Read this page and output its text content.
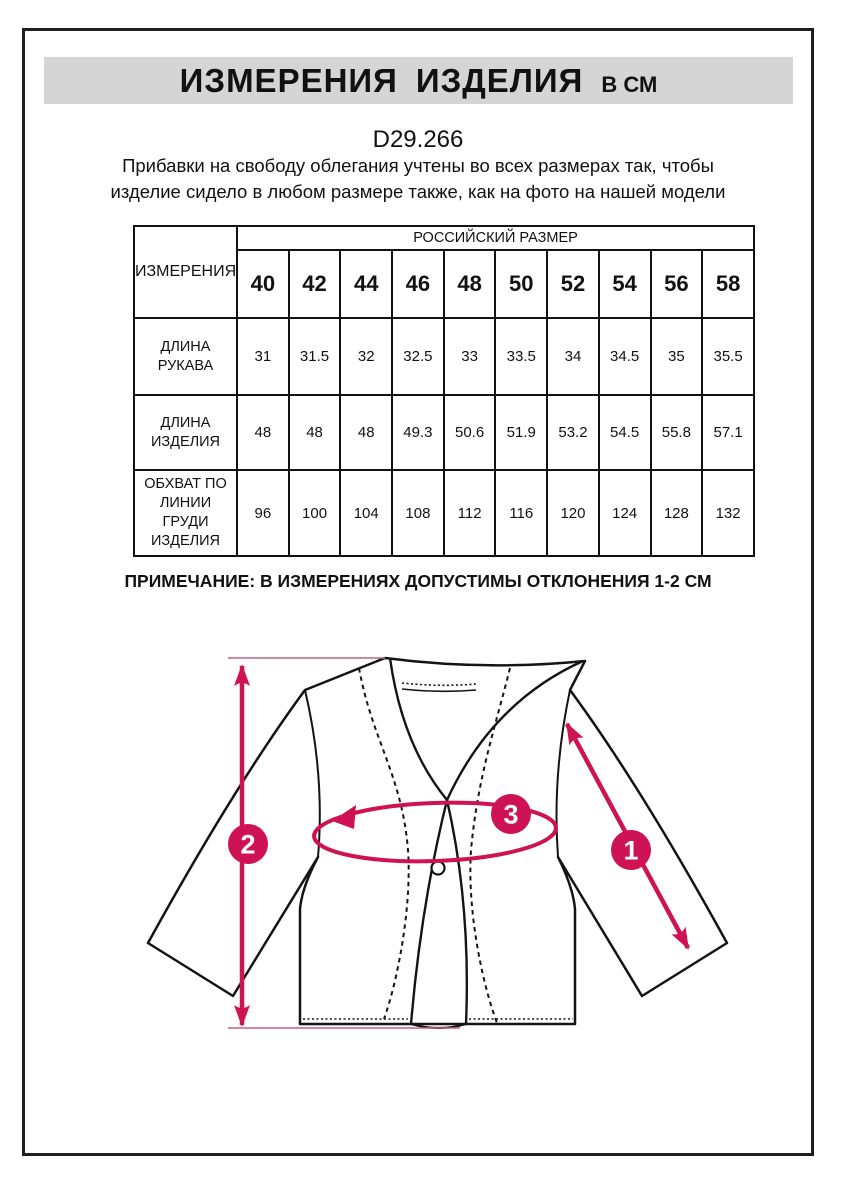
ИЗМЕРЕНИЯ ИЗДЕЛИЯ В СМ
D29.266
Прибавки на свободу облегания учтены во всех размерах так, чтобы изделие сидело в любом размере также, как на фото на нашей модели
ИЗМЕРЕНИЯ	РОССИЙСКИЙ РАЗМЕР									
	40	42	44	46	48	50	52	54	56	58
ДЛИНА РУКАВА	31	31.5	32	32.5	33	33.5	34	34.5	35	35.5
ДЛИНА ИЗДЕЛИЯ	48	48	48	49.3	50.6	51.9	53.2	54.5	55.8	57.1
ОБХВАТ ПО ЛИНИИ ГРУДИ ИЗДЕЛИЯ	96	100	104	108	112	116	120	124	128	132
ПРИМЕЧАНИЕ: В ИЗМЕРЕНИЯХ ДОПУСТИМЫ ОТКЛОНЕНИЯ 1-2 СМ
1
2
3
2	1
3
